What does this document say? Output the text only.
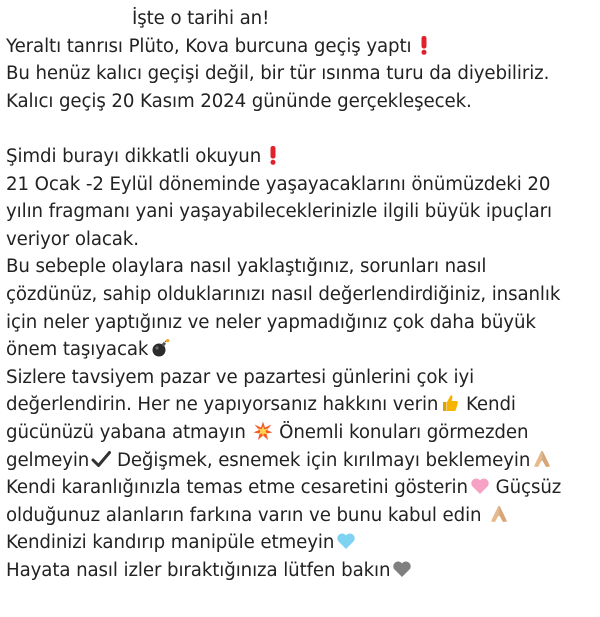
İşte o tarihi an!
Yeraltı tanrısı Plüto, Kova burcuna geçiş yaptı
Bu henüz kalıcı geçişi değil, bir tür ısınma turu da diyebiliriz.
Kalıcı geçiş 20 Kasım 2024 gününde gerçekleşecek.
Şimdi burayı dikkatli okuyun
21 Ocak -2 Eylül döneminde yaşayacaklarını önümüzdeki 20
yılın fragmanı yani yaşayabileceklerinizle ilgili büyük ipuçları
veriyor olacak.
Bu sebeple olaylara nasıl yaklaştığınız, sorunları nasıl
çözdünüz, sahip olduklarınızı nasıl değerlendirdiğiniz, insanlık
için neler yaptığınız ve neler yapmadığınız çok daha büyük
önem taşıyacak
Sizlere tavsiyem pazar ve pazartesi günlerini çok iyi
değerlendirin. Her ne yapıyorsanız hakkını verin Kendi
gücünüzü yabana atmayın Önemli konuları görmezden
gelmeyin Değişmek, esnemek için kırılmayı beklemeyin
Kendi karanlığınızla temas etme cesaretini gösterin Güçsüz
olduğunuz alanların farkına varın ve bunu kabul edin
Kendinizi kandırıp manipüle etmeyin
Hayata nasıl izler bıraktığınıza lütfen bakın
